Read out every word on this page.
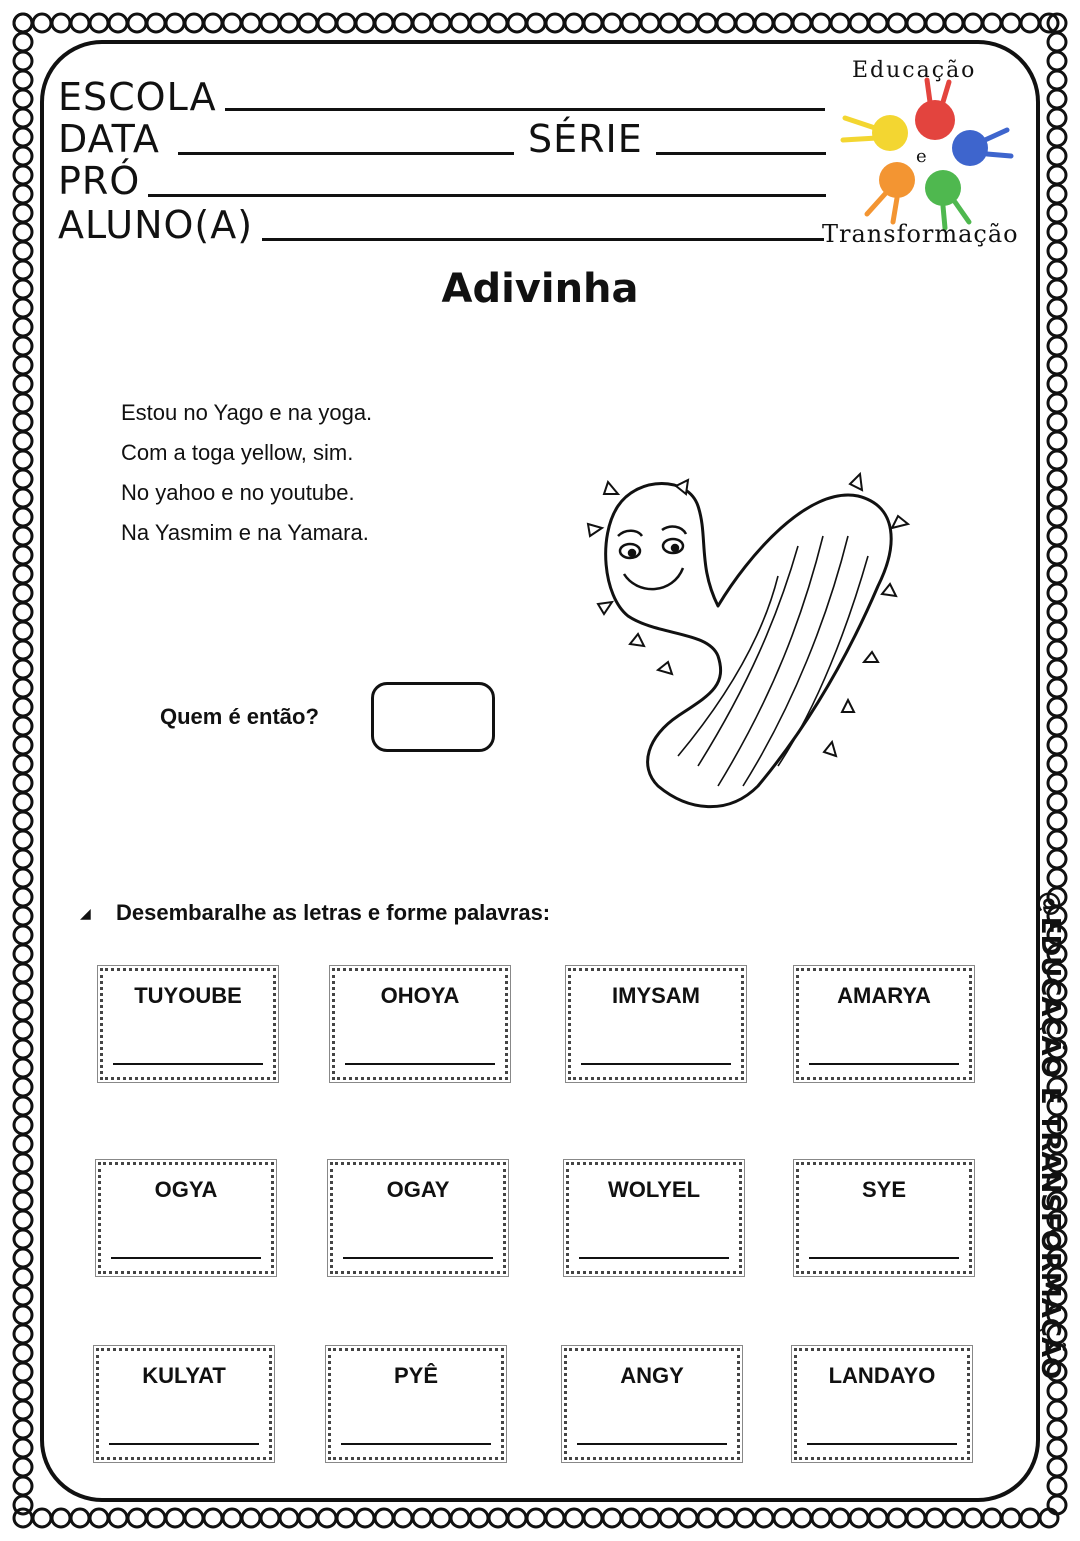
ESCOLA
DATA	SÉRIE
PRÓ
ALUNO(A)
Educação
e
Transformação
Adivinha
Estou no Yago e na yoga.
Com a toga yellow, sim.
No yahoo e no youtube.
Na Yasmim e na Yamara.
Quem é então?
◢ Desembaralhe as letras e forme palavras:
TUYOUBE	OHOYA	IMYSAM	AMARYA
OGYA	OGAY	WOLYEL	SYE
KULYAT	PYÊ	ANGY	LANDAYO	@EDUCAÇÃO E TRANSFORMAÇÃO
